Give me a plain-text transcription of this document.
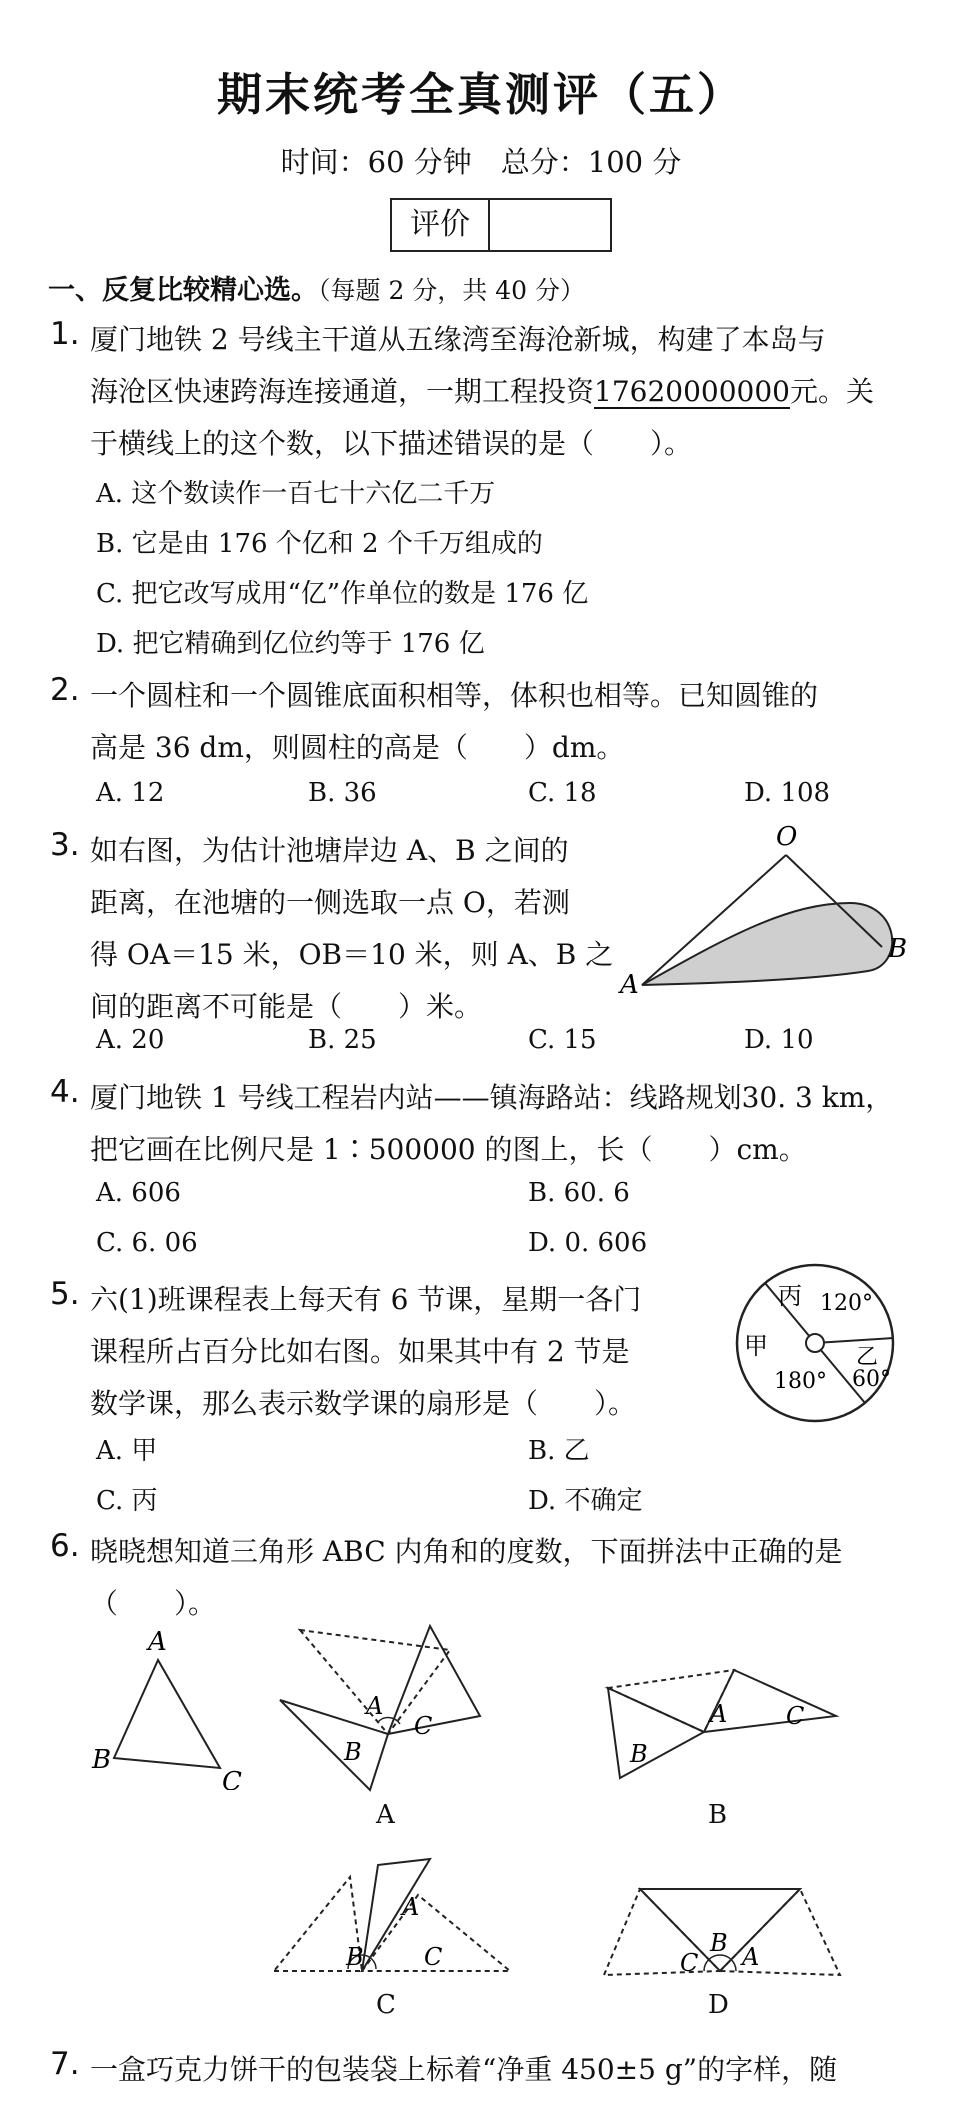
期末统考全真测评（五）
时间：60 分钟　总分：100 分
评价
一、反复比较精心选。（每题 2 分，共 40 分）
1. 厦门地铁 2 号线主干道从五缘湾至海沧新城，构建了本岛与
海沧区快速跨海连接通道，一期工程投资17620000000元。关
于横线上的这个数，以下描述错误的是（　　）。
A. 这个数读作一百七十六亿二千万
B. 它是由 176 个亿和 2 个千万组成的
C. 把它改写成用“亿”作单位的数是 176 亿
D. 把它精确到亿位约等于 176 亿
2. 一个圆柱和一个圆锥底面积相等，体积也相等。已知圆锥的
高是 36 dm，则圆柱的高是（　　）dm。
A. 12	B. 36	C. 18	D. 108
3. 如右图，为估计池塘岸边 A、B 之间的
距离，在池塘的一侧选取一点 O，若测
得 OA＝15 米，OB＝10 米，则 A、B 之
间的距离不可能是（　　）米。
O
A
B
A. 20	B. 25	C. 15	D. 10
4. 厦门地铁 1 号线工程岩内站——镇海路站：线路规划30. 3 km，
把它画在比例尺是 1∶500000 的图上，长（　　）cm。
A. 606	B. 60. 6
C. 6. 06	D. 0. 606
5. 六(1)班课程表上每天有 6 节课，星期一各门
课程所占百分比如右图。如果其中有 2 节是
数学课，那么表示数学课的扇形是（　　）。
丙 120°
甲	乙
180° 60°
A. 甲	B. 乙
C. 丙	D. 不确定
6. 晓晓想知道三角形 ABC 内角和的度数，下面拼法中正确的是
（　　）。
A
B
C
A
C
B
A
B
A C
B
B
A
C
C
C
B A
D
7. 一盒巧克力饼干的包装袋上标着“净重 450±5 g”的字样，随
